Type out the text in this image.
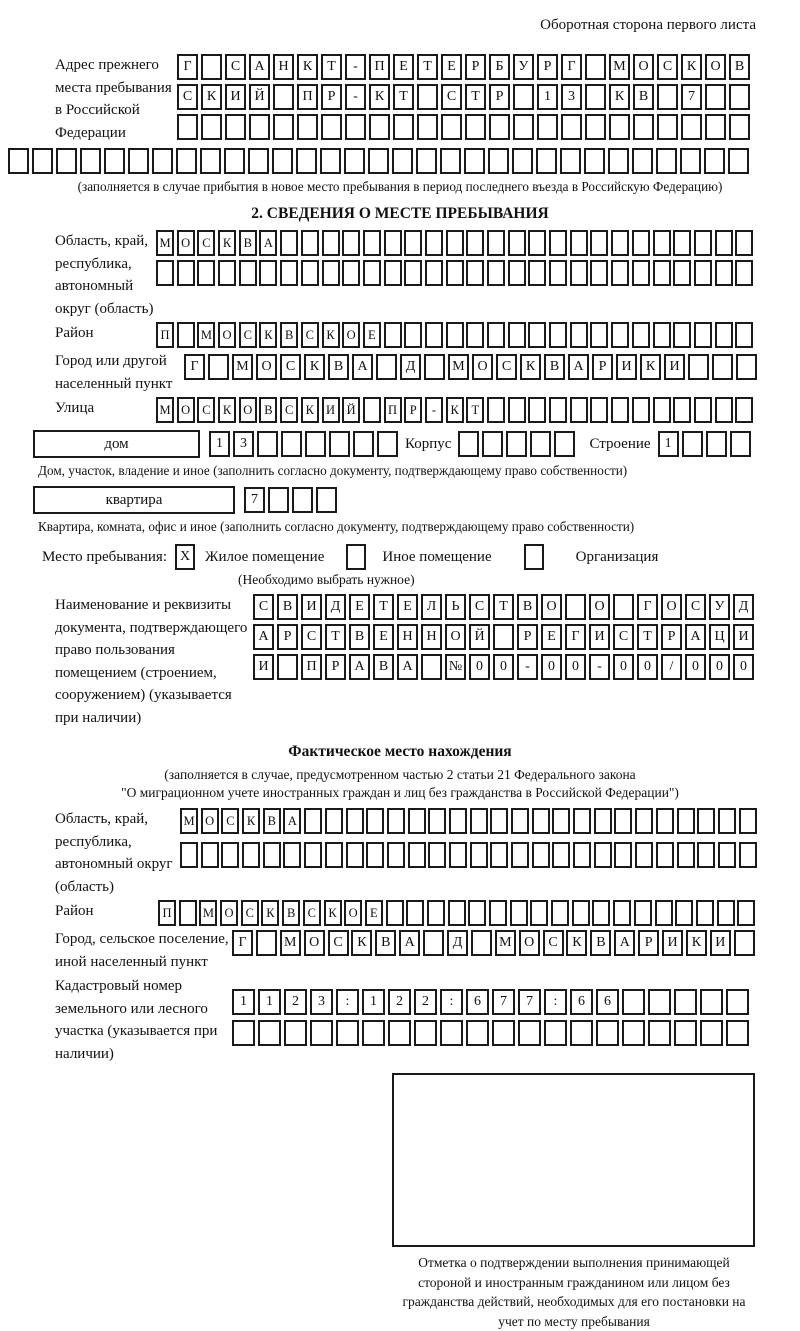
Оборотная сторона первого листа
Адрес прежнего места пребывания в Российской Федерации
Г	С	А Н	К	Т	-	П	Е	Т	Е	Р	Б	У	Р	Г	М О	С	К	О	В
С	К	И Й	П	Р	-	К	Т	С	Т	Р	1	3	К	В	7
(заполняется в случае прибытия в новое место пребывания в период последнего въезда в Российскую Федерацию)
2. СВЕДЕНИЯ О МЕСТЕ ПРЕБЫВАНИЯ
Область, край, республика, автономный округ (область)
М О С К В А
Район	П	М О С К В С К О Е
Город или другой населенный пункт
Г	М О	С	К	В	А	Д	М О	С	К	В	А	Р	И	К	И
Улица	М О С К О В С К И Й	П	Р	-	К	Т
дом	1	3	Корпус	Строение	1
Дом, участок, владение и иное (заполнить согласно документу, подтверждающему право собственности)
квартира	7
Квартира, комната, офис и иное (заполнить согласно документу, подтверждающему право собственности)
Место пребывания: X Жилое помещение	Иное помещение	Организация
(Необходимо выбрать нужное)
Наименование и реквизиты документа, подтверждающего право пользования помещением (строением, сооружением) (указывается при наличии)
С	В	И	Д	Е	Т	Е	Л	Ь	С	Т	В	О	О	Г	О	С	У	Д
А	Р	С	Т	В	Е	Н Н О Й	Р	Е	Г	И	С	Т	Р	А Ц И
И	П	Р	А	В	А	№ 0	0	-	0	0	-	0	0	/	0	0	0
Фактическое место нахождения
(заполняется в случае, предусмотренном частью 2 статьи 21 Федерального закона
"О миграционном учете иностранных граждан и лиц без гражданства в Российской Федерации")
Область, край, республика, автономный округ (область)
М О С К В А
Район	П	М О С К В С К О Е
Город, сельское поселение, иной населенный пункт
Г	М О	С	К	В	А	Д	М О	С	К	В	А	Р	И	К	И
Кадастровый номер земельного или лесного участка (указывается при наличии)
1	1	2	3	:	1	2	2	:	6	7	7	:	6	6
Отметка о подтверждении выполнения принимающей стороной и иностранным гражданином или лицом без гражданства действий, необходимых для его постановки на учет по месту пребывания
